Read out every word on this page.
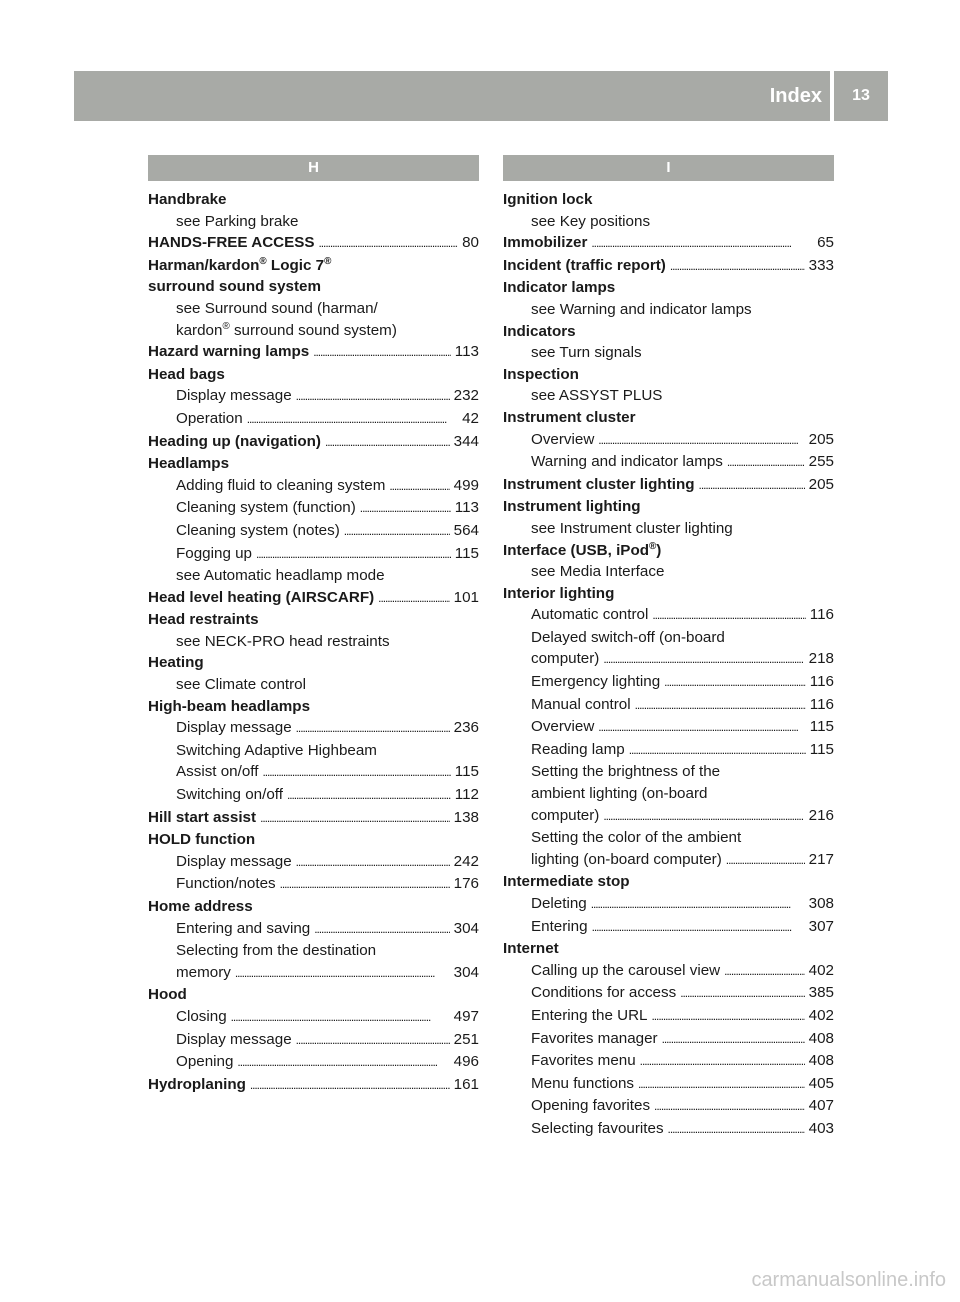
Index	13
H
Handbrake
see Parking brake
HANDS-FREE ACCESS . . .	80
Harman/kardon® Logic 7®
surround sound system
see Surround sound (harman/
kardon® surround sound system)
Hazard warning lamps . . .	113
Head bags
Display message . . .	232
Operation . . .	42
Heading up (navigation) . . .	344
Headlamps
Adding fluid to cleaning system . . .	499
Cleaning system (function) . . .	113
Cleaning system (notes) . . .	564
Fogging up . . .	115
see Automatic headlamp mode
Head level heating (AIRSCARF) . . .	101
Head restraints
see NECK-PRO head restraints
Heating
see Climate control
High-beam headlamps
Display message . . .	236
Switching Adaptive Highbeam
Assist on/off . . .	115
Switching on/off . . .	112
Hill start assist . . .	138
HOLD function
Display message . . .	242
Function/notes . . .	176
Home address
Entering and saving . . .	304
Selecting from the destination
memory . . .	304
Hood
Closing . . .	497
Display message . . .	251
Opening . . .	496
Hydroplaning . . .	161
I
Ignition lock
see Key positions
Immobilizer . . .	65
Incident (traffic report) . . .	333
Indicator lamps
see Warning and indicator lamps
Indicators
see Turn signals
Inspection
see ASSYST PLUS
Instrument cluster
Overview . . .	205
Warning and indicator lamps . . .	255
Instrument cluster lighting . . .	205
Instrument lighting
see Instrument cluster lighting
Interface (USB, iPod®)
see Media Interface
Interior lighting
Automatic control . . .	116
Delayed switch-off (on-board
computer) . . .	218
Emergency lighting . . .	116
Manual control . . .	116
Overview . . .	115
Reading lamp . . .	115
Setting the brightness of the
ambient lighting (on-board
computer) . . .	216
Setting the color of the ambient
lighting (on-board computer) . . .	217
Intermediate stop
Deleting . . .	308
Entering . . .	307
Internet
Calling up the carousel view . . .	402
Conditions for access . . .	385
Entering the URL . . .	402
Favorites manager . . .	408
Favorites menu . . .	408
Menu functions . . .	405
Opening favorites . . .	407
Selecting favourites . . .	403
carmanualsonline.info
